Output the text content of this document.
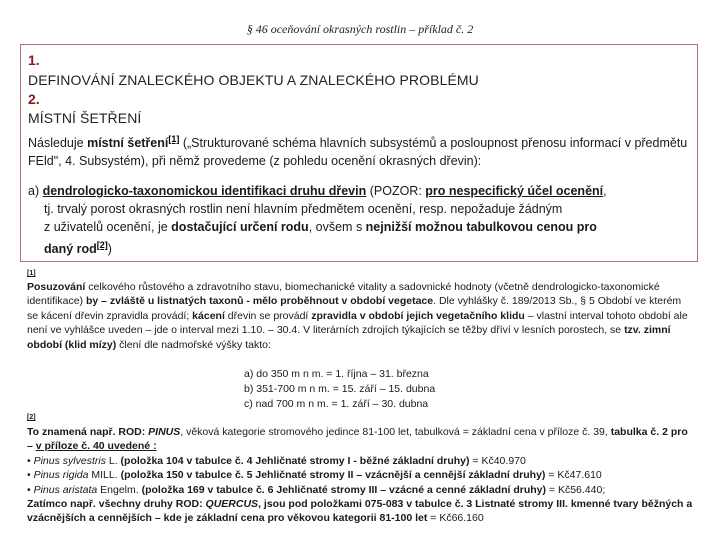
§ 46 oceňování okrasných rostlin – příklad č. 2
1.
DEFINOVÁNÍ ZNALECKÉHO OBJEKTU A ZNALECKÉHO PROBLÉMU
2.
MÍSTNÍ ŠETŘENÍ
Následuje místní šetření[1] („Strukturované schéma hlavních subsystémů a posloupnost přenosu informací v předmětu FEld", 4. Subsystém), při němž provedeme (z pohledu ocenění okrasných dřevin):
a) dendrologicko-taxonomickou identifikaci druhu dřevin (POZOR: pro nespecifický účel ocenění,
tj. trvalý porost okrasných rostlin není hlavním předmětem ocenění, resp. nepožaduje žádným
z uživatelů ocenění, je dostačující určení rodu, ovšem s nejnižší možnou tabulkovou cenou pro
daný rod[2])
[1]
Posuzování celkového růstového a zdravotního stavu, biomechanické vitality a sadovnické hodnoty (včetně dendrologicko-taxonomické identifikace) by – zvláště u listnatých taxonů - mělo proběhnout v období vegetace. Dle vyhlášky č. 189/2013 Sb., § 5 Období ve kterém se kácení dřevin zpravidla provádí; kácení dřevin se provádí zpravidla v období jejich vegetačního klidu – vlastní interval tohoto období ale není ve vyhlášce uveden – jde o interval mezi 1.10. – 30.4. V literárních zdrojích týkajících se těžby dříví v lesních porostech, se tzv. zimní období (klid mízy) člení dle nadmořské výšky takto:
a) do 350 m n m. = 1. října – 31. března
b) 351-700 m n m. = 15. září – 15. dubna
c) nad 700 m n m. = 1. září – 30. dubna
[2]
To znamená např. ROD: PINUS, věková kategorie stromového jedince 81-100 let, tabulková = základní cena v příloze č. 39, tabulka č. 2 pro – v příloze č. 40 uvedené :
• Pinus sylvestris L. (položka 104 v tabulce č. 4 Jehličnaté stromy I - běžné základní druhy) = Kč40.970
• Pinus rigida MILL. (položka 150 v tabulce č. 5 Jehličnaté stromy II – vzácnější a cennější základní druhy) = Kč47.610
• Pinus aristata Engelm. (položka 169 v tabulce č. 6 Jehličnaté stromy III – vzácné a cenné základní druhy) = Kč56.440;
Zatímco např. všechny druhy ROD: QUERCUS, jsou pod položkami 075-083 v tabulce č. 3 Listnaté stromy III. kmenné tvary běžných a vzácnějších a cennějších – kde je základní cena pro věkovou kategorii 81-100 let = Kč66.160
